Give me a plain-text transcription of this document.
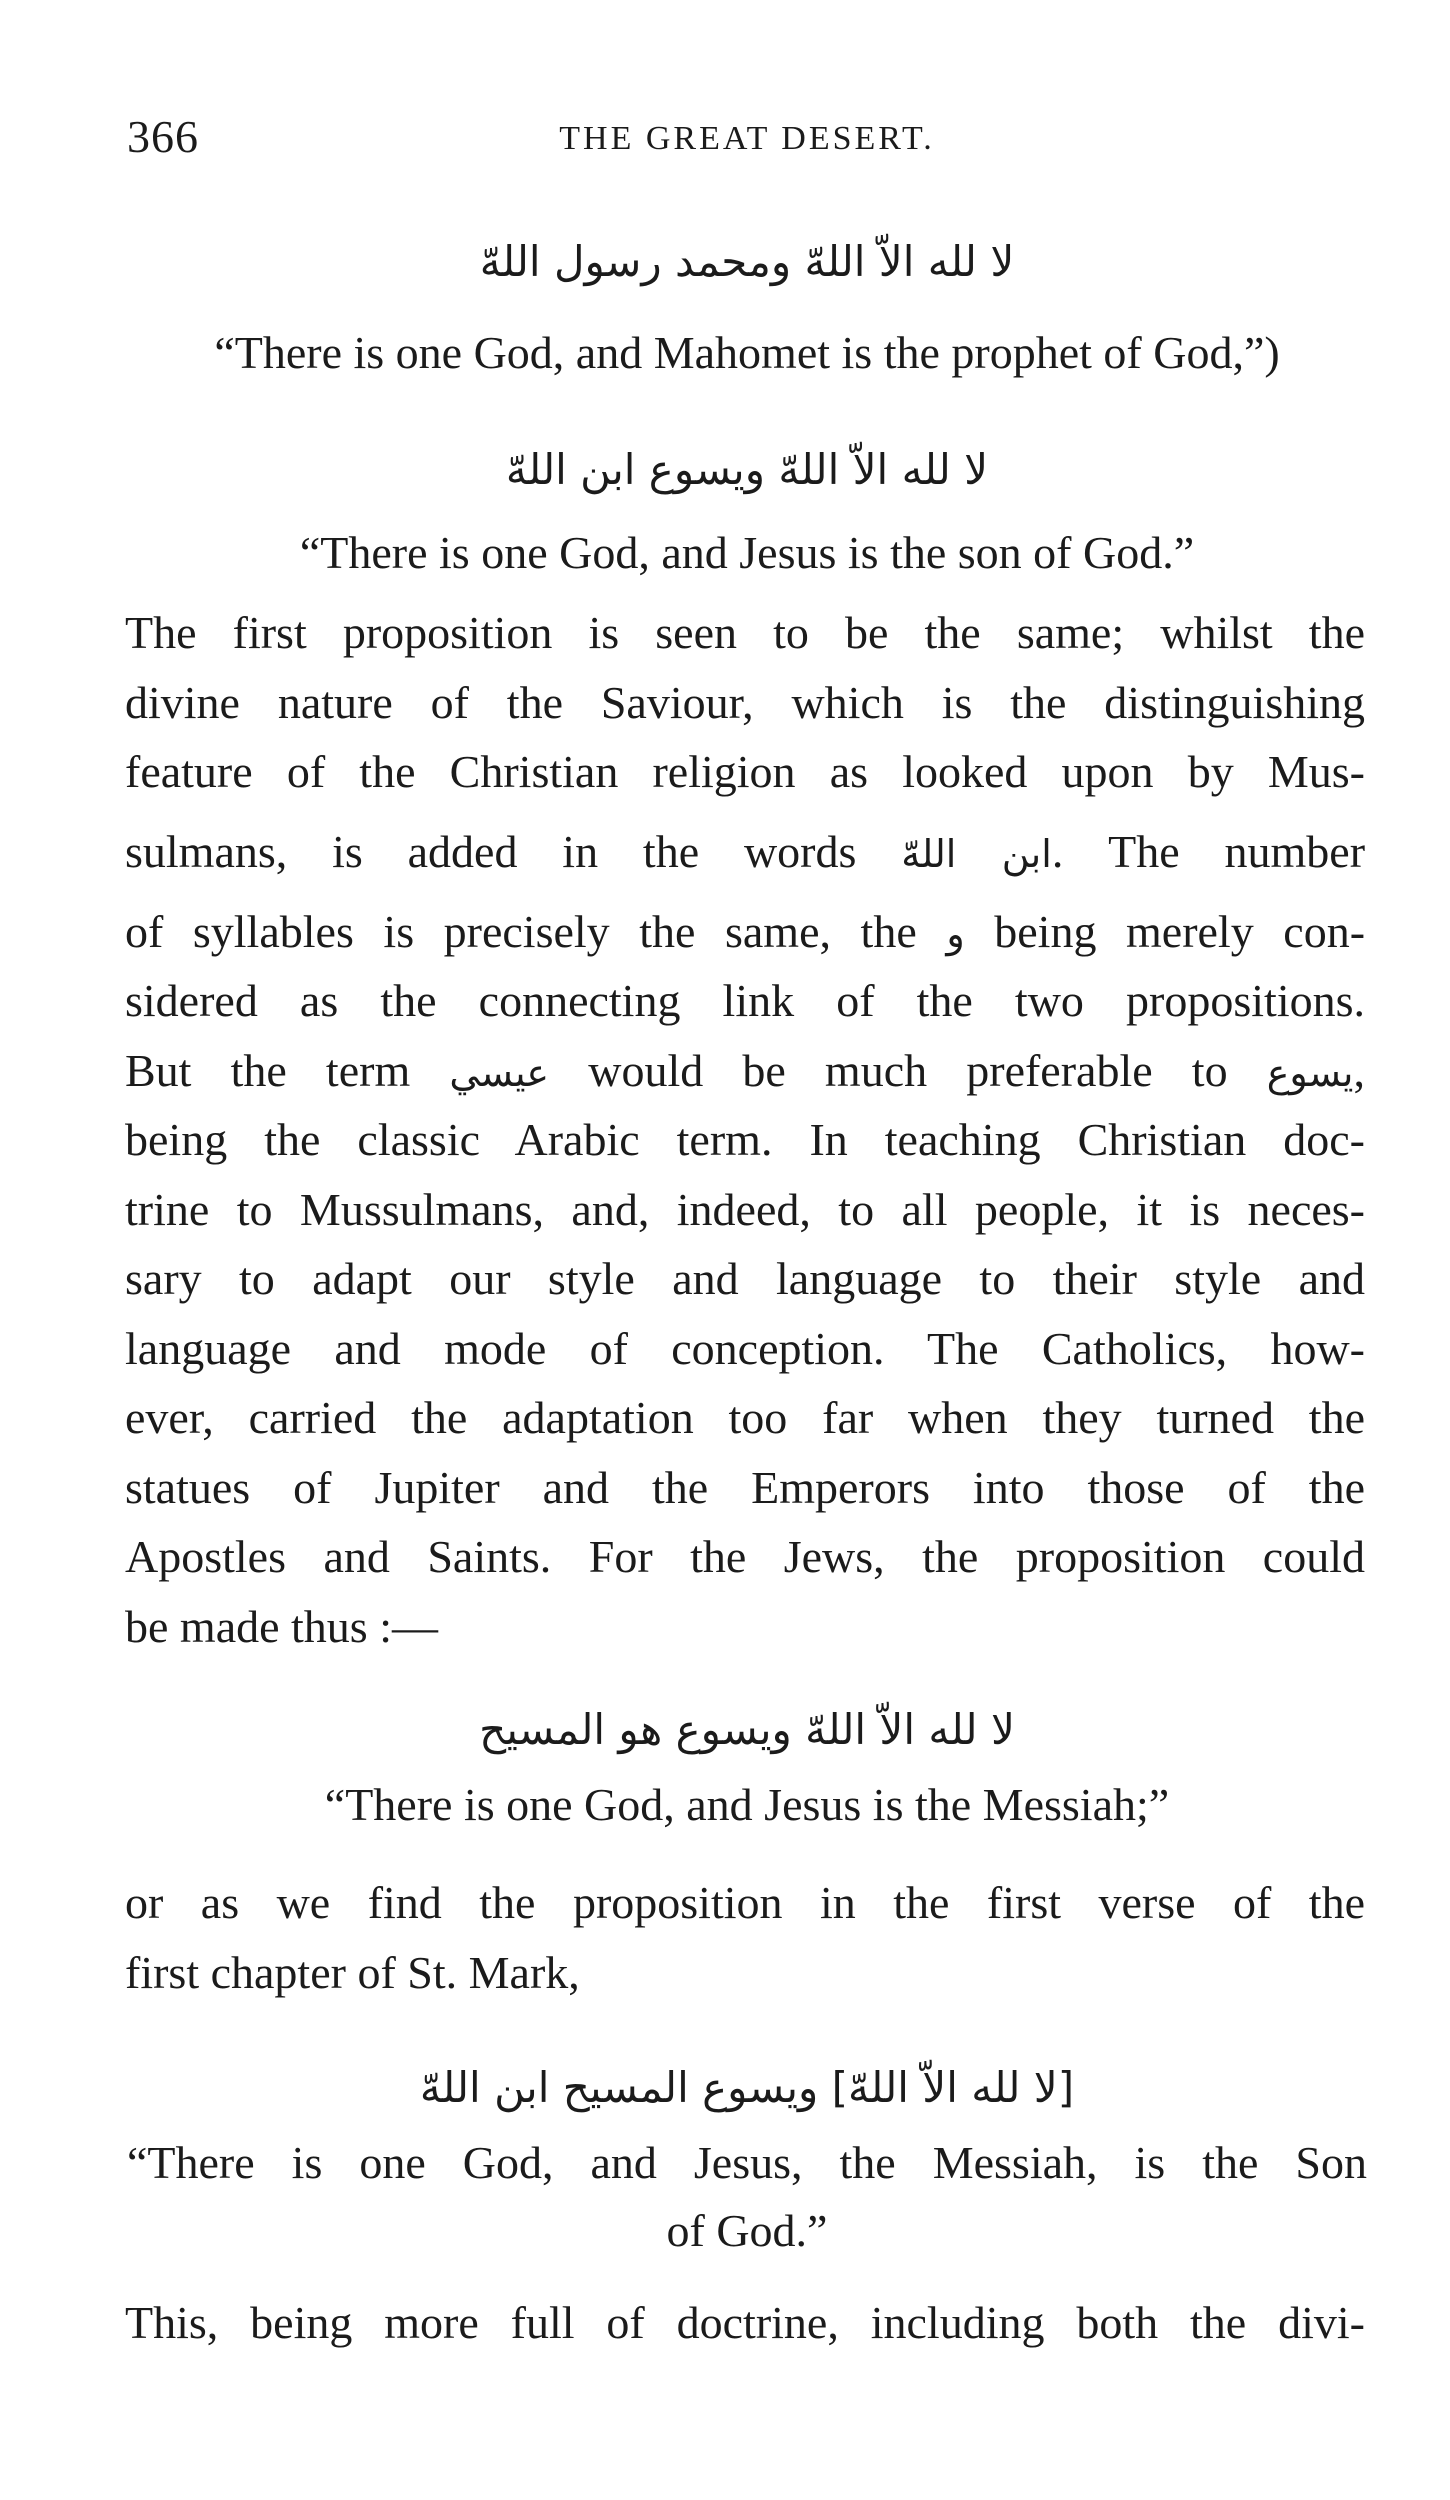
366	THE GREAT DESERT.
لا لله الاّ اللهّ ومحمد رسول اللهّ
“There is one God, and Mahomet is the prophet of God,”)
لا لله الاّ اللهّ ويسوع ابن اللهّ
“There is one God, and Jesus is the son of God.”
The first proposition is seen to be the same; whilst the
divine nature of the Saviour, which is the distinguishing
feature of the Christian religion as looked upon by Mus-
sulmans, is added in the words ابن اللهّ. The number
of syllables is precisely the same, the و being merely con-
sidered as the connecting link of the two propositions.
But the term عيسي would be much preferable to يسوع,
being the classic Arabic term. In teaching Christian doc-
trine to Mussulmans, and, indeed, to all people, it is neces-
sary to adapt our style and language to their style and
language and mode of conception. The Catholics, how-
ever, carried the adaptation too far when they turned the
statues of Jupiter and the Emperors into those of the
Apostles and Saints. For the Jews, the proposition could
be made thus :—
لا لله الاّ اللهّ ويسوع هو المسيح
“There is one God, and Jesus is the Messiah;”
or as we find the proposition in the first verse of the
first chapter of St. Mark,
[لا لله الاّ اللهّ] ويسوع المسيح ابن اللهّ
“There is one God, and Jesus, the Messiah, is the Son
of God.”
This, being more full of doctrine, including both the divi-
